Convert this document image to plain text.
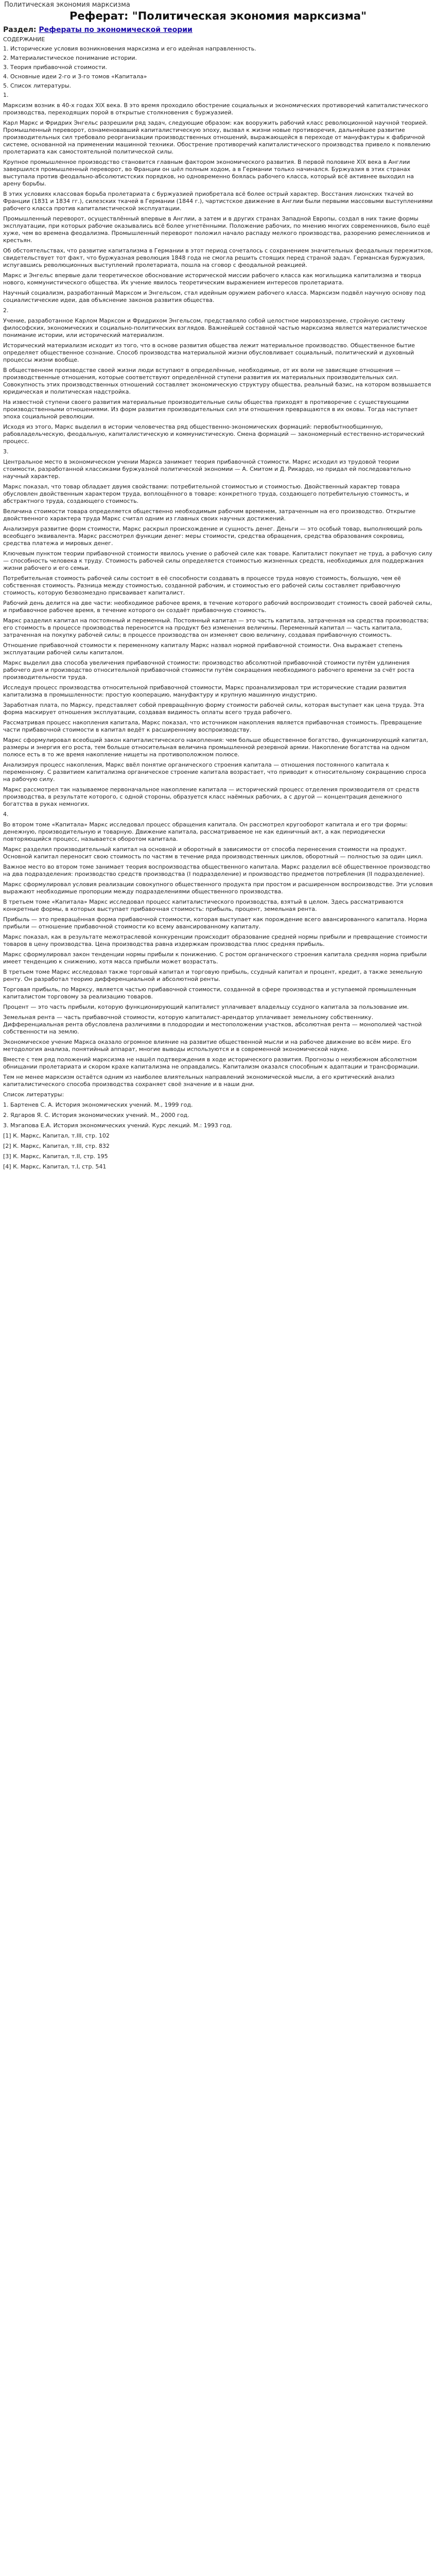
Политическая экономия марксизма
Реферат: "Политическая экономия марксизма"
Раздел: Рефераты по экономической теории

СОДЕРЖАНИЕ

1. Исторические условия возникновения марксизма и его идейная направленность.

2. Материалистическое понимание истории.

3. Теория прибавочной стоимости.

4. Основные идеи 2-го и 3-го томов «Капитала»

5. Список литературы.

1.

Марксизм возник в 40-х годах XIX века. В это время проходило обострение социальных и экономических противоречий капиталистического производства, переходящих порой в открытые столкновения с буржуазией.

Карл Маркс и Фридрих Энгельс разрешили ряд задач, следующие образом: как вооружить рабочий класс революционной научной теорией. Промышленный переворот, ознаменовавший капиталистическую эпоху, вызвал к жизни новые противоречия, дальнейшее развитие производительных сил требовало реорганизации производственных отношений, выражающейся в переходе от мануфактуры к фабричной системе, основанной на применении машинной техники. Обострение противоречий капиталистического производства привело к появлению пролетариата как самостоятельной политической силы.

Крупное промышленное производство становится главным фактором экономического развития. В первой половине XIX века в Англии завершился промышленный переворот, во Франции он шёл полным ходом, а в Германии только начинался. Буржуазия в этих странах выступала против феодально-абсолютистских порядков, но одновременно боялась рабочего класса, который всё активнее выходил на арену борьбы.

В этих условиях классовая борьба пролетариата с буржуазией приобретала всё более острый характер. Восстания лионских ткачей во Франции (1831 и 1834 гг.), силезских ткачей в Германии (1844 г.), чартистское движение в Англии были первыми массовыми выступлениями рабочего класса против капиталистической эксплуатации.

Промышленный переворот, осуществлённый впервые в Англии, а затем и в других странах Западной Европы, создал в них такие формы эксплуатации, при которых рабочие оказывались всё более угнетёнными. Положение рабочих, по мнению многих современников, было ещё хуже, чем во времена феодализма. Промышленный переворот положил начало распаду мелкого производства, разорению ремесленников и крестьян.

Об обстоятельствах, что развитие капитализма в Германии в этот период сочеталось с сохранением значительных феодальных пережитков, свидетельствует тот факт, что буржуазная революция 1848 года не смогла решить стоящих перед страной задач. Германская буржуазия, испугавшись революционных выступлений пролетариата, пошла на сговор с феодальной реакцией.

Маркс и Энгельс впервые дали теоретическое обоснование исторической миссии рабочего класса как могильщика капитализма и творца нового, коммунистического общества. Их учение явилось теоретическим выражением интересов пролетариата.

Научный социализм, разработанный Марксом и Энгельсом, стал идейным оружием рабочего класса. Марксизм подвёл научную основу под социалистические идеи, дав объяснение законов развития общества.

2.

Учение, разработанное Карлом Марксом и Фридрихом Энгельсом, представляло собой целостное мировоззрение, стройную систему философских, экономических и социально-политических взглядов. Важнейшей составной частью марксизма является материалистическое понимание истории, или исторический материализм.

Исторический материализм исходит из того, что в основе развития общества лежит материальное производство. Общественное бытие определяет общественное сознание. Способ производства материальной жизни обусловливает социальный, политический и духовный процессы жизни вообще.

В общественном производстве своей жизни люди вступают в определённые, необходимые, от их воли не зависящие отношения — производственные отношения, которые соответствуют определённой ступени развития их материальных производительных сил. Совокупность этих производственных отношений составляет экономическую структуру общества, реальный базис, на котором возвышается юридическая и политическая надстройка.

На известной ступени своего развития материальные производительные силы общества приходят в противоречие с существующими производственными отношениями. Из форм развития производительных сил эти отношения превращаются в их оковы. Тогда наступает эпоха социальной революции.

Исходя из этого, Маркс выделил в истории человечества ряд общественно-экономических формаций: первобытнообщинную, рабовладельческую, феодальную, капиталистическую и коммунистическую. Смена формаций — закономерный естественно-исторический процесс.

3.

Центральное место в экономическом учении Маркса занимает теория прибавочной стоимости. Маркс исходил из трудовой теории стоимости, разработанной классиками буржуазной политической экономии — А. Смитом и Д. Рикардо, но придал ей последовательно научный характер.

Маркс показал, что товар обладает двумя свойствами: потребительной стоимостью и стоимостью. Двойственный характер товара обусловлен двойственным характером труда, воплощённого в товаре: конкретного труда, создающего потребительную стоимость, и абстрактного труда, создающего стоимость.

Величина стоимости товара определяется общественно необходимым рабочим временем, затраченным на его производство. Открытие двойственного характера труда Маркс считал одним из главных своих научных достижений.

Анализируя развитие форм стоимости, Маркс раскрыл происхождение и сущность денег. Деньги — это особый товар, выполняющий роль всеобщего эквивалента. Маркс рассмотрел функции денег: меры стоимости, средства обращения, средства образования сокровищ, средства платежа и мировых денег.

Ключевым пунктом теории прибавочной стоимости явилось учение о рабочей силе как товаре. Капиталист покупает не труд, а рабочую силу — способность человека к труду. Стоимость рабочей силы определяется стоимостью жизненных средств, необходимых для поддержания жизни рабочего и его семьи.

Потребительная стоимость рабочей силы состоит в её способности создавать в процессе труда новую стоимость, большую, чем её собственная стоимость. Разница между стоимостью, созданной рабочим, и стоимостью его рабочей силы составляет прибавочную стоимость, которую безвозмездно присваивает капиталист.

Рабочий день делится на две части: необходимое рабочее время, в течение которого рабочий воспроизводит стоимость своей рабочей силы, и прибавочное рабочее время, в течение которого он создаёт прибавочную стоимость.

Маркс разделил капитал на постоянный и переменный. Постоянный капитал — это часть капитала, затраченная на средства производства; его стоимость в процессе производства переносится на продукт без изменения величины. Переменный капитал — часть капитала, затраченная на покупку рабочей силы; в процессе производства он изменяет свою величину, создавая прибавочную стоимость.

Отношение прибавочной стоимости к переменному капиталу Маркс назвал нормой прибавочной стоимости. Она выражает степень эксплуатации рабочей силы капиталом.

Маркс выделил два способа увеличения прибавочной стоимости: производство абсолютной прибавочной стоимости путём удлинения рабочего дня и производство относительной прибавочной стоимости путём сокращения необходимого рабочего времени за счёт роста производительности труда.

Исследуя процесс производства относительной прибавочной стоимости, Маркс проанализировал три исторические стадии развития капитализма в промышленности: простую кооперацию, мануфактуру и крупную машинную индустрию.

Заработная плата, по Марксу, представляет собой превращённую форму стоимости рабочей силы, которая выступает как цена труда. Эта форма маскирует отношения эксплуатации, создавая видимость оплаты всего труда рабочего.

Рассматривая процесс накопления капитала, Маркс показал, что источником накопления является прибавочная стоимость. Превращение части прибавочной стоимости в капитал ведёт к расширенному воспроизводству.

Маркс сформулировал всеобщий закон капиталистического накопления: чем больше общественное богатство, функционирующий капитал, размеры и энергия его роста, тем больше относительная величина промышленной резервной армии. Накопление богатства на одном полюсе есть в то же время накопление нищеты на противоположном полюсе.

Анализируя процесс накопления, Маркс ввёл понятие органического строения капитала — отношения постоянного капитала к переменному. С развитием капитализма органическое строение капитала возрастает, что приводит к относительному сокращению спроса на рабочую силу.

Маркс рассмотрел так называемое первоначальное накопление капитала — исторический процесс отделения производителя от средств производства, в результате которого, с одной стороны, образуется класс наёмных рабочих, а с другой — концентрация денежного богатства в руках немногих.

4.

Во втором томе «Капитала» Маркс исследовал процесс обращения капитала. Он рассмотрел кругооборот капитала и его три формы: денежную, производительную и товарную. Движение капитала, рассматриваемое не как единичный акт, а как периодически повторяющийся процесс, называется оборотом капитала.

Маркс разделил производительный капитал на основной и оборотный в зависимости от способа перенесения стоимости на продукт. Основной капитал переносит свою стоимость по частям в течение ряда производственных циклов, оборотный — полностью за один цикл.

Важное место во втором томе занимает теория воспроизводства общественного капитала. Маркс разделил всё общественное производство на два подразделения: производство средств производства (I подразделение) и производство предметов потребления (II подразделение).

Маркс сформулировал условия реализации совокупного общественного продукта при простом и расширенном воспроизводстве. Эти условия выражают необходимые пропорции между подразделениями общественного производства.

В третьем томе «Капитала» Маркс исследовал процесс капиталистического производства, взятый в целом. Здесь рассматриваются конкретные формы, в которых выступает прибавочная стоимость: прибыль, процент, земельная рента.

Прибыль — это превращённая форма прибавочной стоимости, которая выступает как порождение всего авансированного капитала. Норма прибыли — отношение прибавочной стоимости ко всему авансированному капиталу.

Маркс показал, как в результате межотраслевой конкуренции происходит образование средней нормы прибыли и превращение стоимости товаров в цену производства. Цена производства равна издержкам производства плюс средняя прибыль.

Маркс сформулировал закон тенденции нормы прибыли к понижению. С ростом органического строения капитала средняя норма прибыли имеет тенденцию к снижению, хотя масса прибыли может возрастать.

В третьем томе Маркс исследовал также торговый капитал и торговую прибыль, ссудный капитал и процент, кредит, а также земельную ренту. Он разработал теорию дифференциальной и абсолютной ренты.

Торговая прибыль, по Марксу, является частью прибавочной стоимости, созданной в сфере производства и уступаемой промышленным капиталистом торговому за реализацию товаров.

Процент — это часть прибыли, которую функционирующий капиталист уплачивает владельцу ссудного капитала за пользование им.

Земельная рента — часть прибавочной стоимости, которую капиталист-арендатор уплачивает земельному собственнику. Дифференциальная рента обусловлена различиями в плодородии и местоположении участков, абсолютная рента — монополией частной собственности на землю.

Экономическое учение Маркса оказало огромное влияние на развитие общественной мысли и на рабочее движение во всём мире. Его методология анализа, понятийный аппарат, многие выводы используются и в современной экономической науке.

Вместе с тем ряд положений марксизма не нашёл подтверждения в ходе исторического развития. Прогнозы о неизбежном абсолютном обнищании пролетариата и скором крахе капитализма не оправдались. Капитализм оказался способным к адаптации и трансформации.

Тем не менее марксизм остаётся одним из наиболее влиятельных направлений экономической мысли, а его критический анализ капиталистического способа производства сохраняет своё значение и в наши дни.

Список литературы:

1. Бартенев С. А. История экономических учений. М., 1999 год.

2. Ядгаров Я. С. История экономических учений. М., 2000 год.

3. Мэгапова Е.А. История экономических учений. Курс лекций. М.: 1993 год.

[1] К. Маркс, Капитал, т.III, стр. 102

[2] К. Маркс, Капитал, т.III, стр. 832

[3] К. Маркс, Капитал, т.II, стр. 195

[4] К. Маркс, Капитал, т.I, стр. 541
